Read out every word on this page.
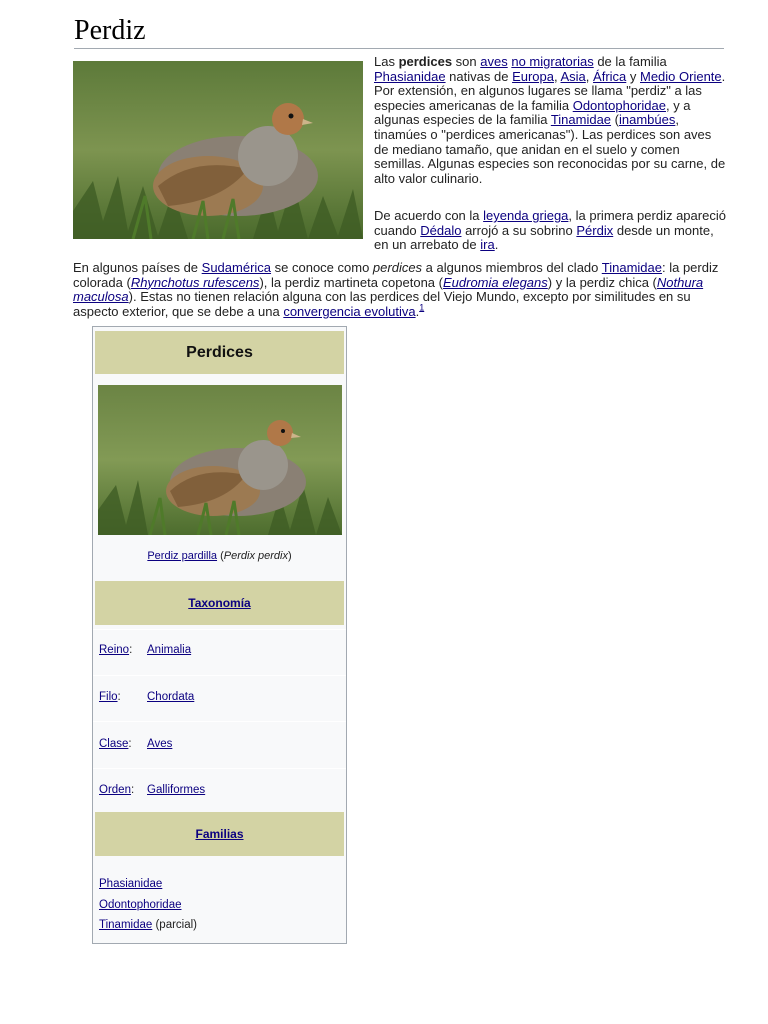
Perdiz

Las perdices son aves no migratorias de la familia Phasianidae nativas de Europa, Asia, África y Medio Oriente. Por extensión, en algunos lugares se llama "perdiz" a las especies americanas de la familia Odontophoridae, y a algunas especies de la familia Tinamidae (inambúes, tinamúes o "perdices americanas"). Las perdices son aves de mediano tamaño, que anidan en el suelo y comen semillas. Algunas especies son reconocidas por su carne, de alto valor culinario.

De acuerdo con la leyenda griega, la primera perdiz apareció cuando Dédalo arrojó a su sobrino Pérdix desde un monte, en un arrebato de ira.

En algunos países de Sudamérica se conoce como perdices a algunos miembros del clado Tinamidae: la perdiz colorada (Rhynchotus rufescens), la perdiz martineta copetona (Eudromia elegans) y la perdiz chica (Nothura maculosa). Estas no tienen relación alguna con las perdices del Viejo Mundo, excepto por similitudes en su aspecto exterior, que se debe a una convergencia evolutiva.$^1$

Perdices
Perdiz pardilla (Perdix perdix)
Taxonomía
Reino: Animalia
Filo: Chordata
Clase: Aves
Orden: Galliformes
Familias
Phasianidae
Odontophoridae
Tinamidae (parcial)
